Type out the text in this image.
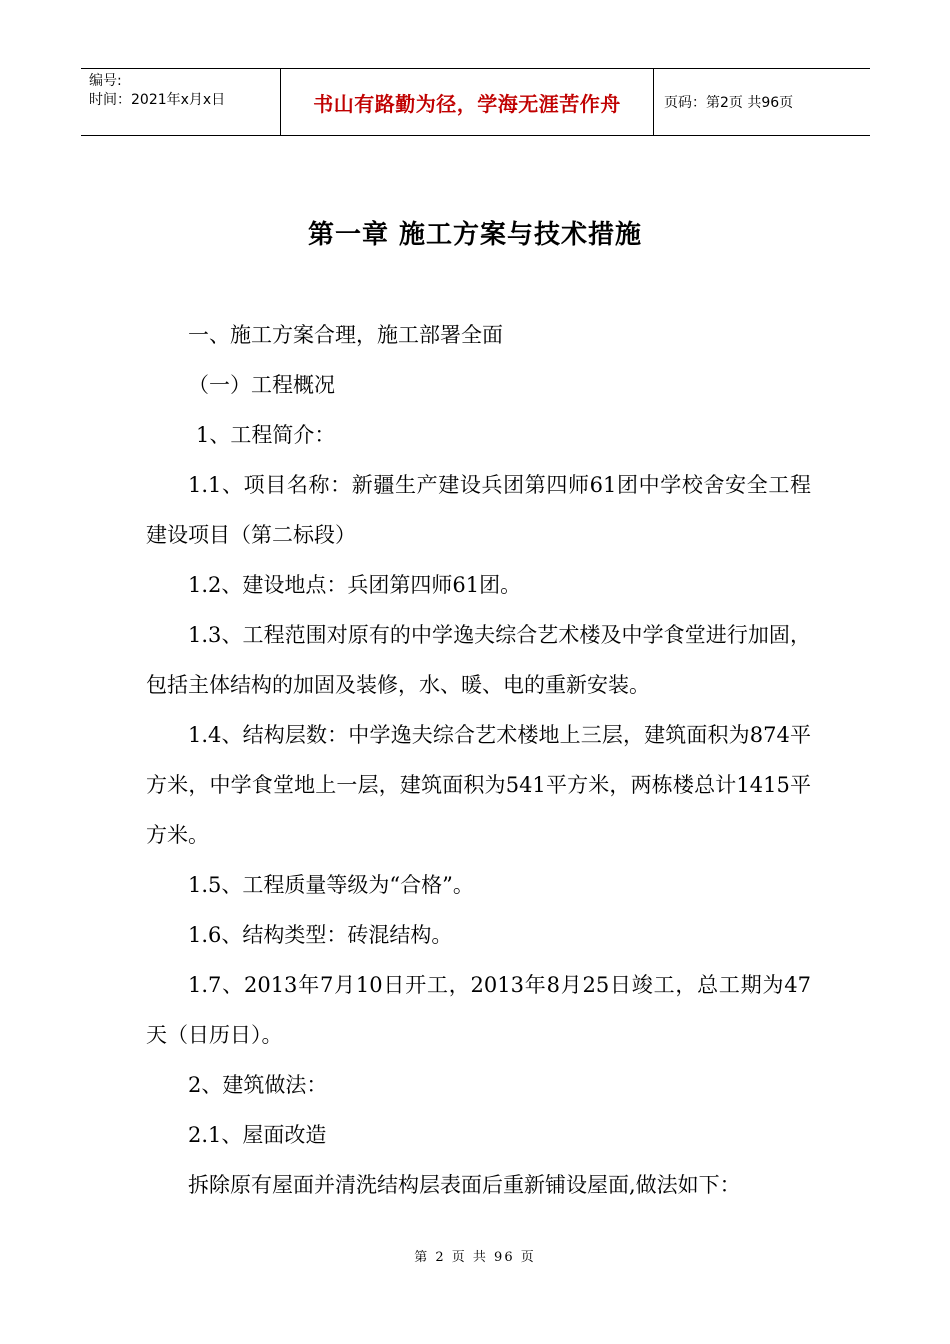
编号:
时间：2021年x月x日	书山有路勤为径，学海无涯苦作舟	页码：第2页 共96页
第一章 施工方案与技术措施

一、施工方案合理，施工部署全面

（一）工程概况

1、工程简介：

1.1、项目名称：新疆生产建设兵团第四师61团中学校舍安全工程建设项目（第二标段）

1.2、建设地点：兵团第四师61团。

1.3、工程范围对原有的中学逸夫综合艺术楼及中学食堂进行加固，包括主体结构的加固及装修，水、暖、电的重新安装。

1.4、结构层数：中学逸夫综合艺术楼地上三层，建筑面积为874平方米，中学食堂地上一层，建筑面积为541平方米，两栋楼总计1415平方米。

1.5、工程质量等级为“合格”。

1.6、结构类型：砖混结构。

1.7、2013年7月10日开工，2013年8月25日竣工，总工期为47天（日历日）。

2、建筑做法：

2.1、屋面改造

拆除原有屋面并清洗结构层表面后重新铺设屋面,做法如下：

第 2 页 共 96 页
